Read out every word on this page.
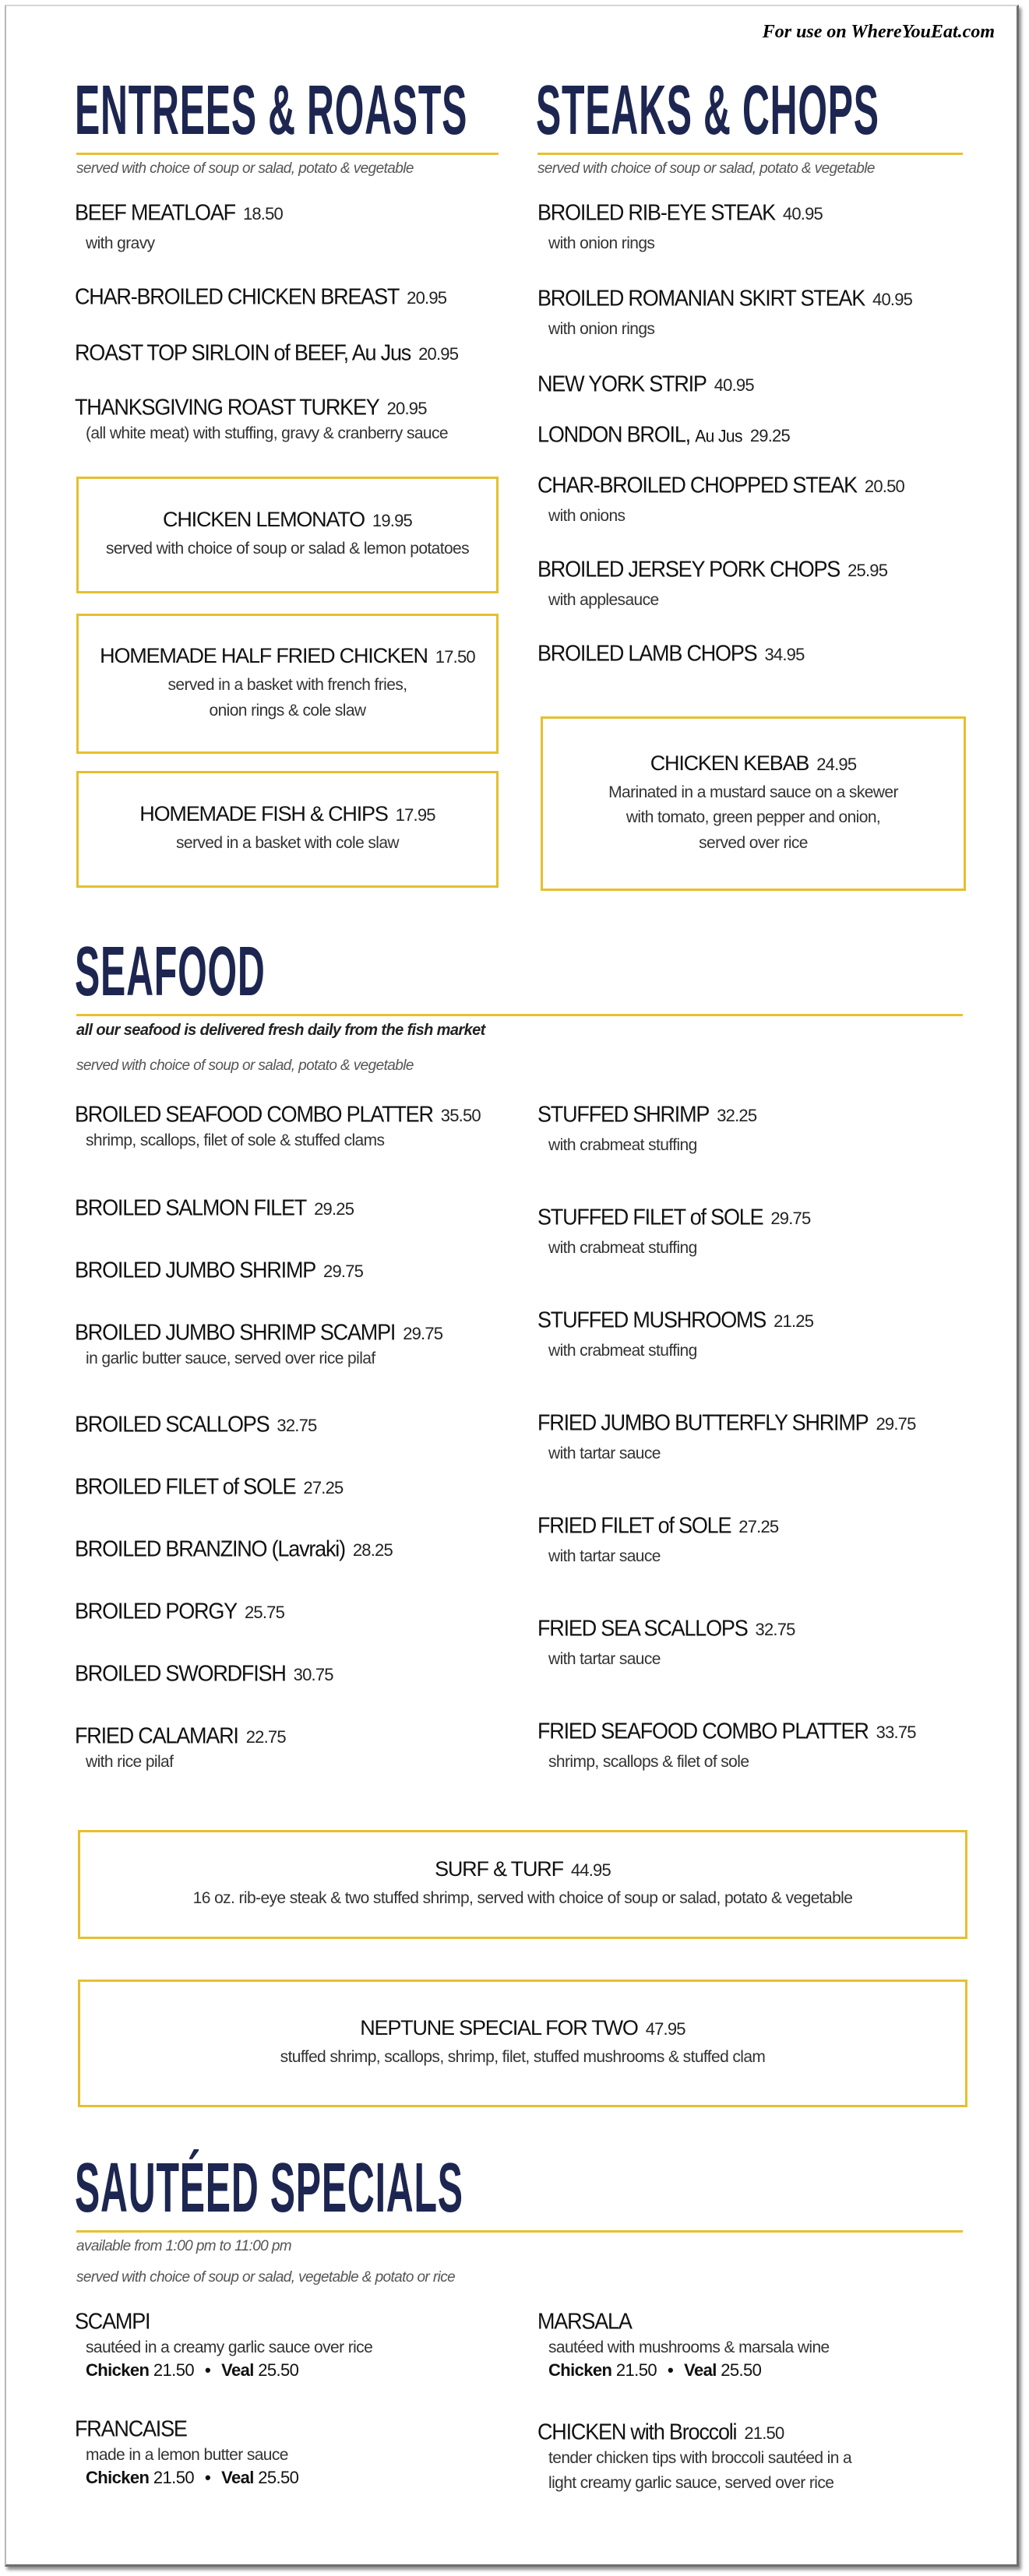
For use on WhereYouEat.com
ENTREES & ROASTS
served with choice of soup or salad, potato & vegetable
BEEF MEATLOAF 18.50
with gravy
CHAR-BROILED CHICKEN BREAST 20.95
ROAST TOP SIRLOIN of BEEF, Au Jus 20.95
THANKSGIVING ROAST TURKEY 20.95
(all white meat) with stuffing, gravy & cranberry sauce
CHICKEN LEMONATO 19.95
served with choice of soup or salad & lemon potatoes
HOMEMADE HALF FRIED CHICKEN 17.50
served in a basket with french fries,
onion rings & cole slaw
HOMEMADE FISH & CHIPS 17.95
served in a basket with cole slaw
STEAKS & CHOPS
served with choice of soup or salad, potato & vegetable
BROILED RIB-EYE STEAK 40.95
with onion rings
BROILED ROMANIAN SKIRT STEAK 40.95
with onion rings
NEW YORK STRIP 40.95
LONDON BROIL, Au Jus 29.25
CHAR-BROILED CHOPPED STEAK 20.50
with onions
BROILED JERSEY PORK CHOPS 25.95
with applesauce
BROILED LAMB CHOPS 34.95
CHICKEN KEBAB 24.95
Marinated in a mustard sauce on a skewer
with tomato, green pepper and onion,
served over rice
SEAFOOD
all our seafood is delivered fresh daily from the fish market
served with choice of soup or salad, potato & vegetable
BROILED SEAFOOD COMBO PLATTER 35.50
shrimp, scallops, filet of sole & stuffed clams
BROILED SALMON FILET 29.25
BROILED JUMBO SHRIMP 29.75
BROILED JUMBO SHRIMP SCAMPI 29.75
in garlic butter sauce, served over rice pilaf
BROILED SCALLOPS 32.75
BROILED FILET of SOLE 27.25
BROILED BRANZINO (Lavraki) 28.25
BROILED PORGY 25.75
BROILED SWORDFISH 30.75
FRIED CALAMARI 22.75
with rice pilaf
STUFFED SHRIMP 32.25
with crabmeat stuffing
STUFFED FILET of SOLE 29.75
with crabmeat stuffing
STUFFED MUSHROOMS 21.25
with crabmeat stuffing
FRIED JUMBO BUTTERFLY SHRIMP 29.75
with tartar sauce
FRIED FILET of SOLE 27.25
with tartar sauce
FRIED SEA SCALLOPS 32.75
with tartar sauce
FRIED SEAFOOD COMBO PLATTER 33.75
shrimp, scallops & filet of sole
SURF & TURF 44.95
16 oz. rib-eye steak & two stuffed shrimp, served with choice of soup or salad, potato & vegetable
NEPTUNE SPECIAL FOR TWO 47.95
stuffed shrimp, scallops, shrimp, filet, stuffed mushrooms & stuffed clam
SAUTÉED SPECIALS
available from 1:00 pm to 11:00 pm
served with choice of soup or salad, vegetable & potato or rice
SCAMPI
sautéed in a creamy garlic sauce over rice
Chicken 21.50 • Veal 25.50
FRANCAISE
made in a lemon butter sauce
Chicken 21.50 • Veal 25.50
MARSALA
sautéed with mushrooms & marsala wine
Chicken 21.50 • Veal 25.50
CHICKEN with Broccoli 21.50
tender chicken tips with broccoli sautéed in a
light creamy garlic sauce, served over rice
